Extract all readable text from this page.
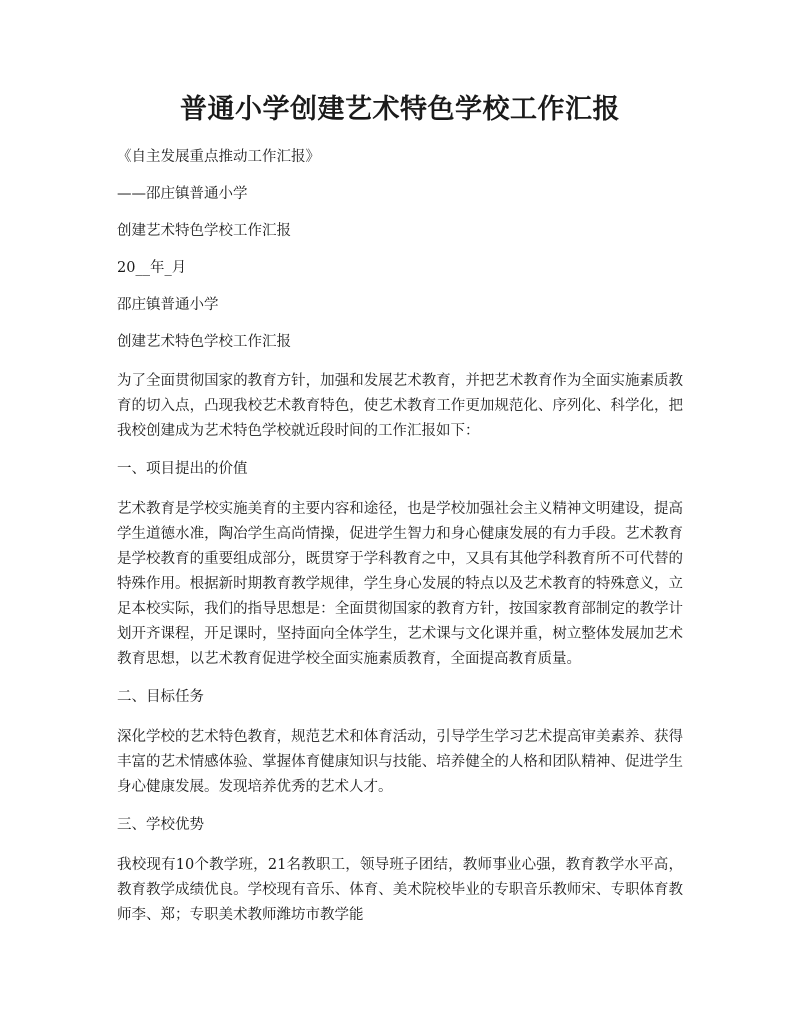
普通小学创建艺术特色学校工作汇报
《自主发展重点推动工作汇报》
——邵庄镇普通小学
创建艺术特色学校工作汇报
20__年_月
邵庄镇普通小学
创建艺术特色学校工作汇报
为了全面贯彻国家的教育方针，加强和发展艺术教育，并把艺术教育作为全面实施素质教育的切入点，凸现我校艺术教育特色，使艺术教育工作更加规范化、序列化、科学化，把我校创建成为艺术特色学校就近段时间的工作汇报如下：
一、项目提出的价值
艺术教育是学校实施美育的主要内容和途径，也是学校加强社会主义精神文明建设，提高学生道德水准，陶冶学生高尚情操，促进学生智力和身心健康发展的有力手段。艺术教育是学校教育的重要组成部分，既贯穿于学科教育之中，又具有其他学科教育所不可代替的特殊作用。根据新时期教育教学规律，学生身心发展的特点以及艺术教育的特殊意义，立足本校实际，我们的指导思想是：全面贯彻国家的教育方针，按国家教育部制定的教学计划开齐课程，开足课时，坚持面向全体学生，艺术课与文化课并重，树立整体发展加艺术教育思想，以艺术教育促进学校全面实施素质教育，全面提高教育质量。
二、目标任务
深化学校的艺术特色教育，规范艺术和体育活动，引导学生学习艺术提高审美素养、获得丰富的艺术情感体验、掌握体育健康知识与技能、培养健全的人格和团队精神、促进学生身心健康发展。发现培养优秀的艺术人才。
三、学校优势
我校现有10个教学班，21名教职工，领导班子团结，教师事业心强，教育教学水平高，教育教学成绩优良。学校现有音乐、体育、美术院校毕业的专职音乐教师宋、专职体育教师李、郑；专职美术教师潍坊市教学能
